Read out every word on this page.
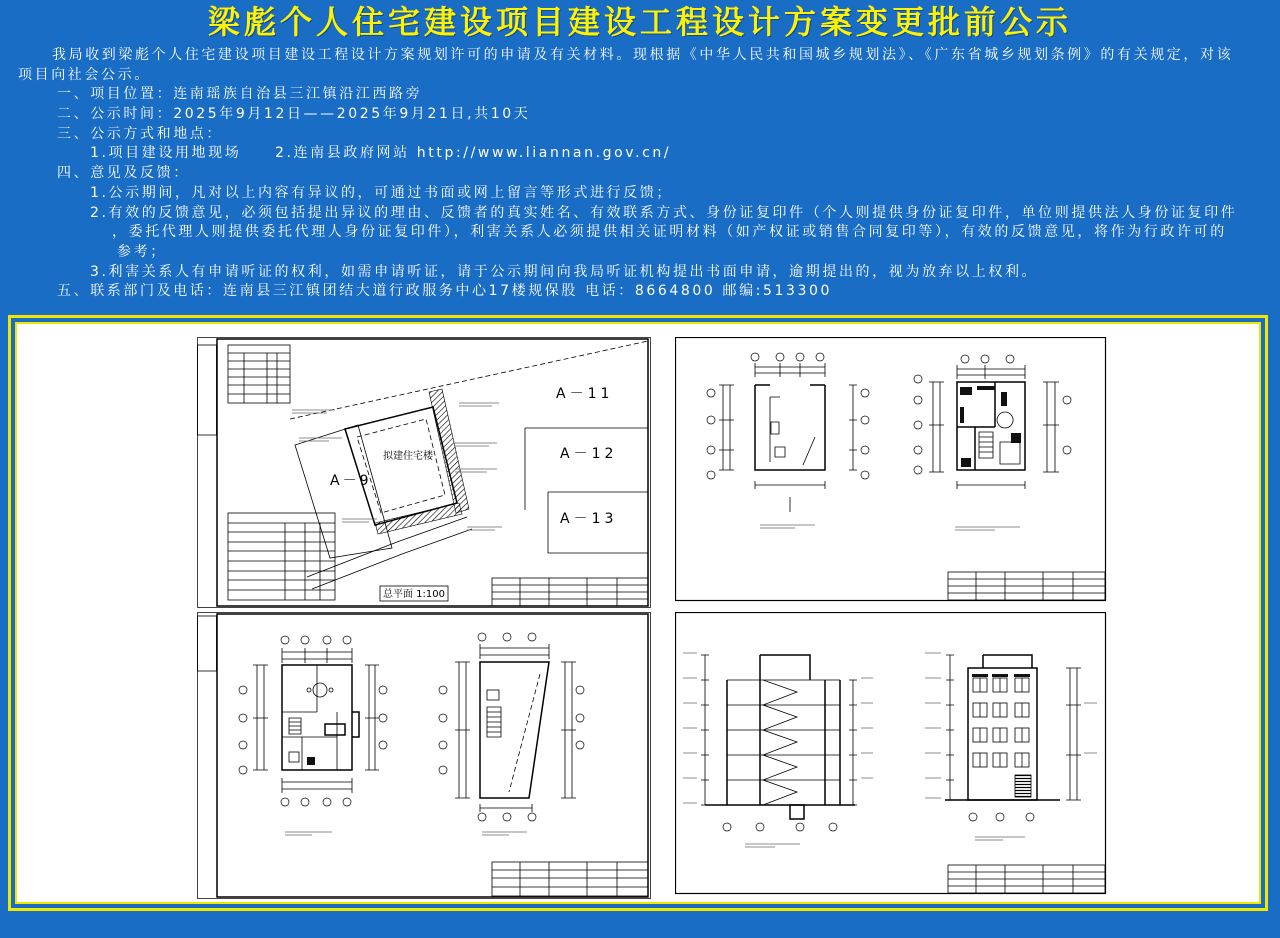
梁彪个人住宅建设项目建设工程设计方案变更批前公示
我局收到梁彪个人住宅建设项目建设工程设计方案规划许可的申请及有关材料。现根据《中华人民共和国城乡规划法》、《广东省城乡规划条例》的有关规定，对该
项目向社会公示。
一、项目位置：连南瑶族自治县三江镇沿江西路旁
二、公示时间：2025年9月12日——2025年9月21日,共10天
三、公示方式和地点：
1.项目建设用地现场 2.连南县政府网站 http://www.liannan.gov.cn/
四、意见及反馈：
1.公示期间，凡对以上内容有异议的，可通过书面或网上留言等形式进行反馈；
2.有效的反馈意见，必须包括提出异议的理由、反馈者的真实姓名、有效联系方式、身份证复印件（个人则提供身份证复印件，单位则提供法人身份证复印件
，委托代理人则提供委托代理人身份证复印件），利害关系人必须提供相关证明材料（如产权证或销售合同复印等），有效的反馈意见，将作为行政许可的
参考；
3.利害关系人有申请听证的权利，如需申请听证，请于公示期间向我局听证机构提出书面申请，逾期提出的，视为放弃以上权利。
五、联系部门及电话：连南县三江镇团结大道行政服务中心17楼规保股 电话：8664800 邮编:513300
总平面 1:100
A－11
A－12
A－13
A－9
拟建住宅楼
